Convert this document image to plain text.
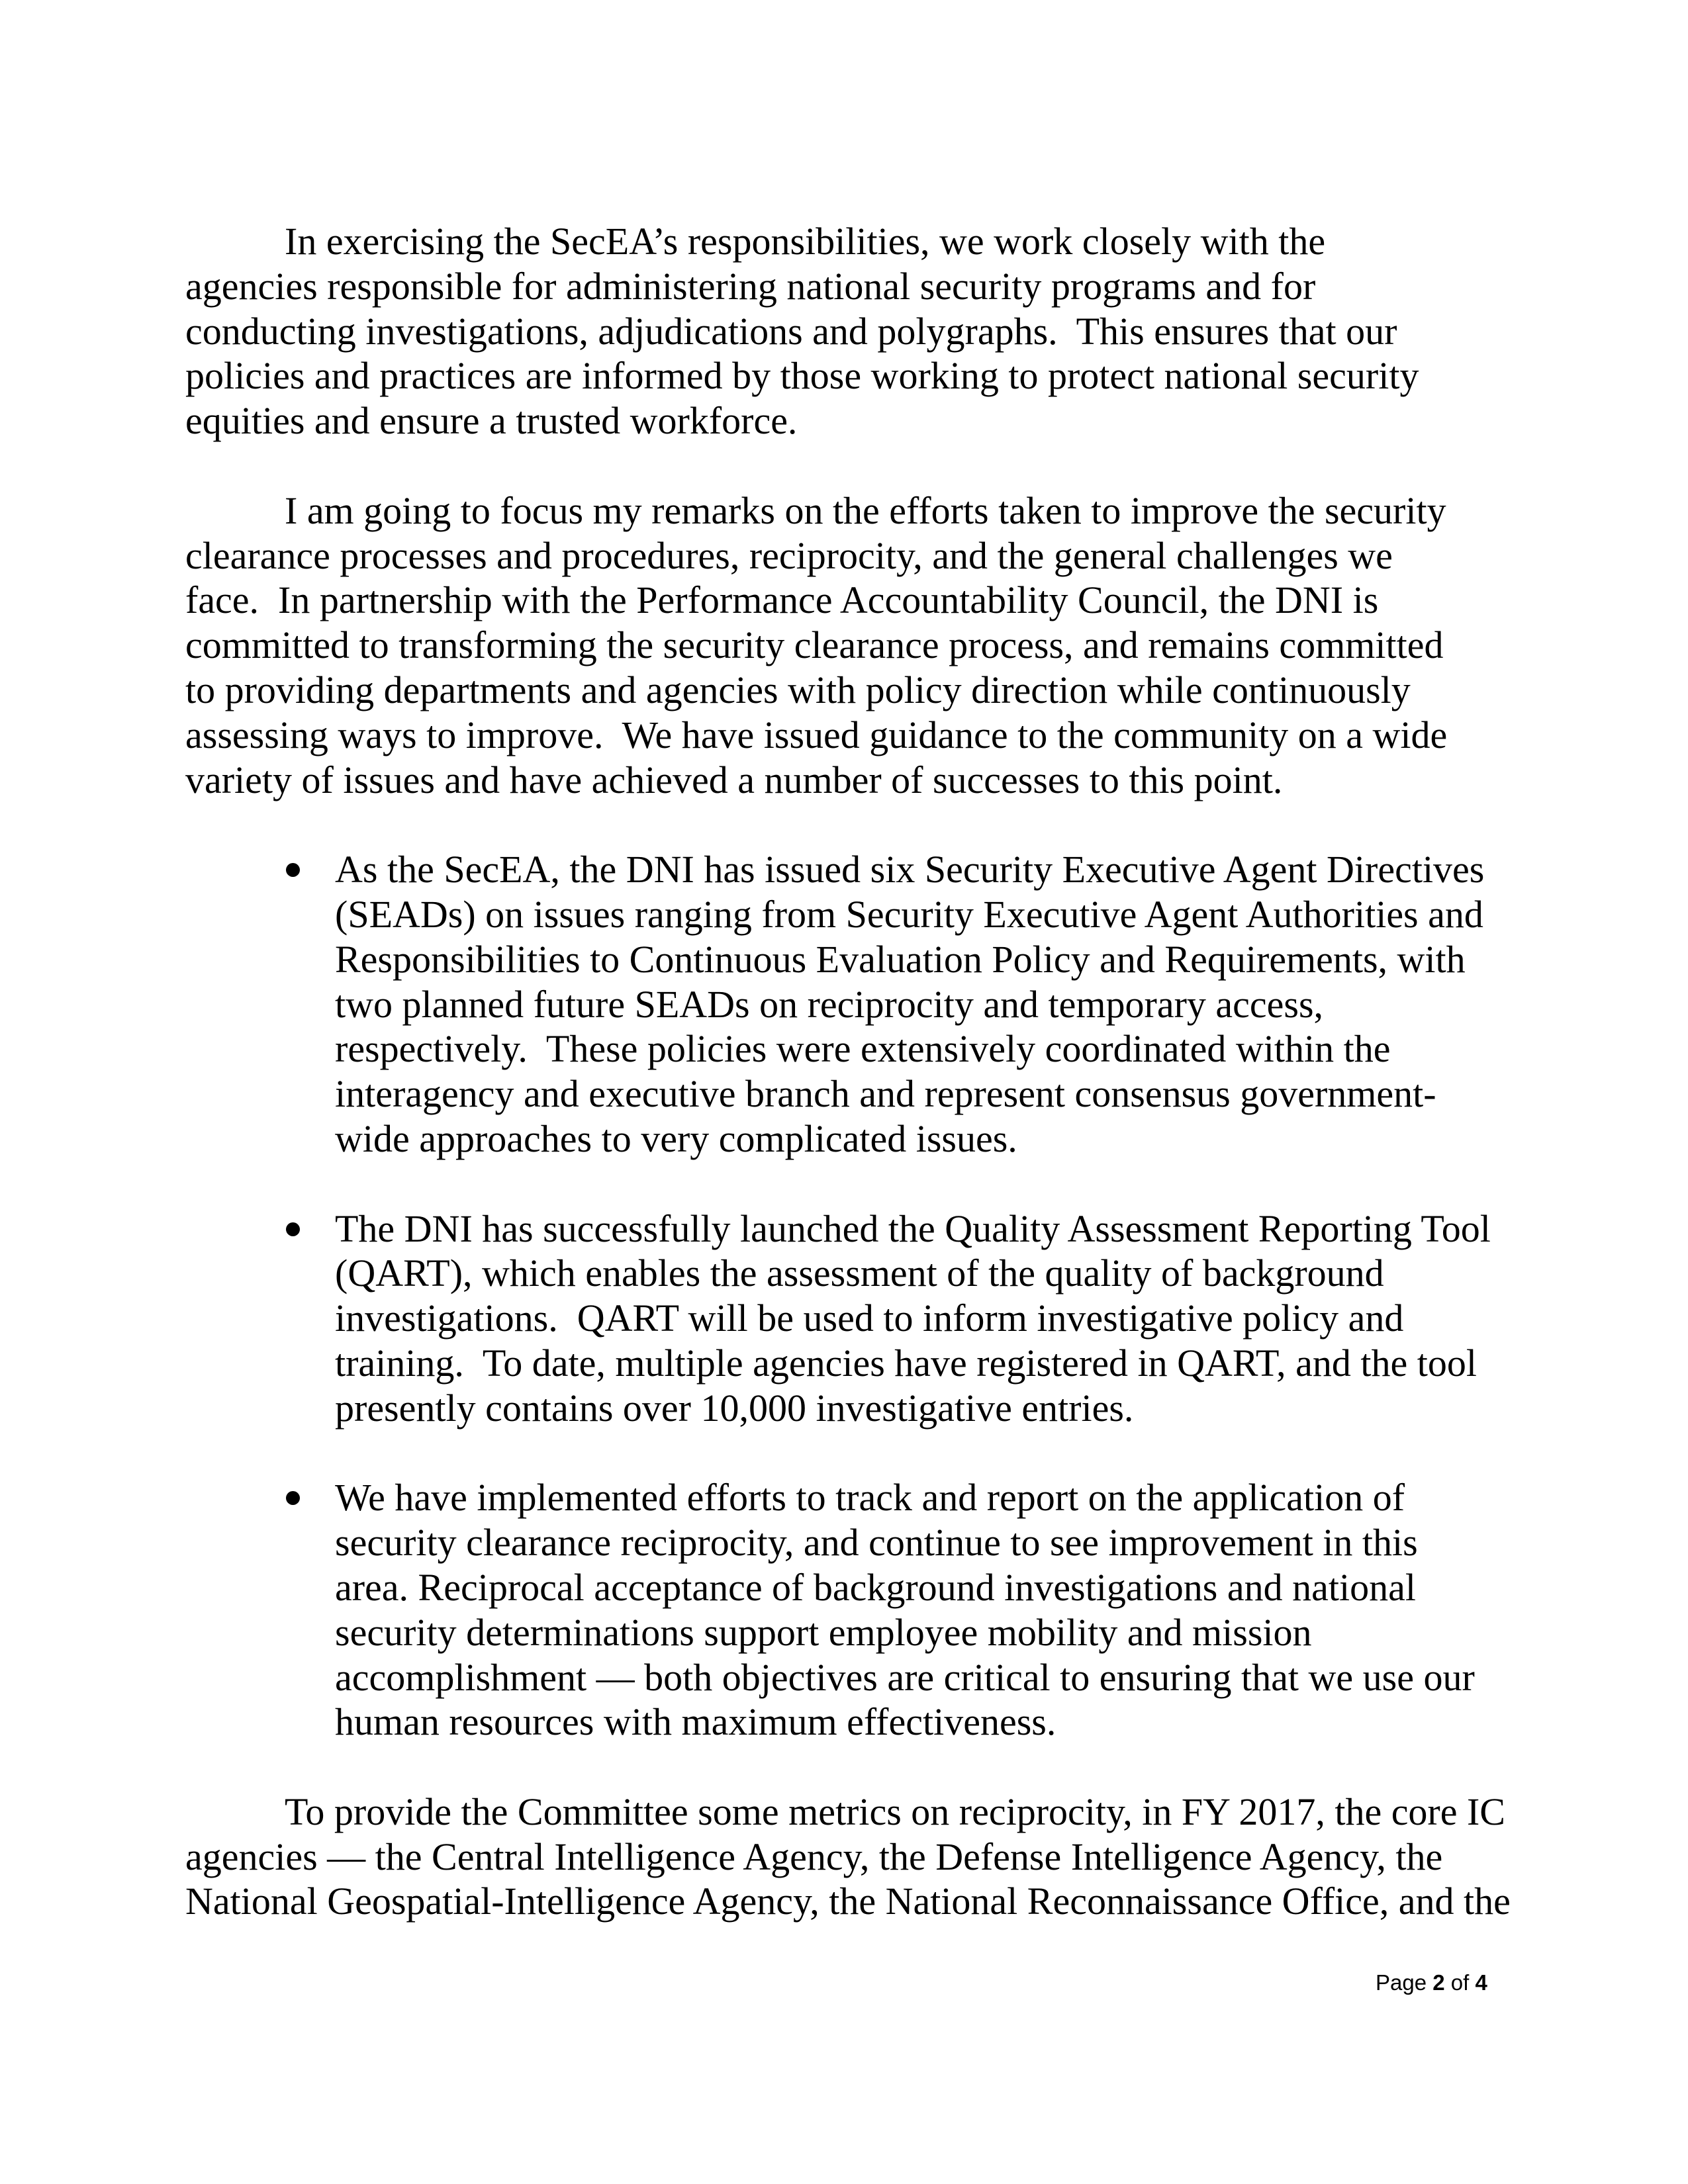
In exercising the SecEA’s responsibilities, we work closely with the
agencies responsible for administering national security programs and for
conducting investigations, adjudications and polygraphs.  This ensures that our
policies and practices are informed by those working to protect national security
equities and ensure a trusted workforce.

I am going to focus my remarks on the efforts taken to improve the security
clearance processes and procedures, reciprocity, and the general challenges we
face.  In partnership with the Performance Accountability Council, the DNI is
committed to transforming the security clearance process, and remains committed
to providing departments and agencies with policy direction while continuously
assessing ways to improve.  We have issued guidance to the community on a wide
variety of issues and have achieved a number of successes to this point.

As the SecEA, the DNI has issued six Security Executive Agent Directives
(SEADs) on issues ranging from Security Executive Agent Authorities and
Responsibilities to Continuous Evaluation Policy and Requirements, with
two planned future SEADs on reciprocity and temporary access,
respectively.  These policies were extensively coordinated within the
interagency and executive branch and represent consensus government-
wide approaches to very complicated issues.
The DNI has successfully launched the Quality Assessment Reporting Tool
(QART), which enables the assessment of the quality of background
investigations.  QART will be used to inform investigative policy and
training.  To date, multiple agencies have registered in QART, and the tool
presently contains over 10,000 investigative entries.
We have implemented efforts to track and report on the application of
security clearance reciprocity, and continue to see improvement in this
area. Reciprocal acceptance of background investigations and national
security determinations support employee mobility and mission
accomplishment — both objectives are critical to ensuring that we use our
human resources with maximum effectiveness.

To provide the Committee some metrics on reciprocity, in FY 2017, the core IC
agencies — the Central Intelligence Agency, the Defense Intelligence Agency, the
National Geospatial-Intelligence Agency, the National Reconnaissance Office, and the

Page 2 of 4
